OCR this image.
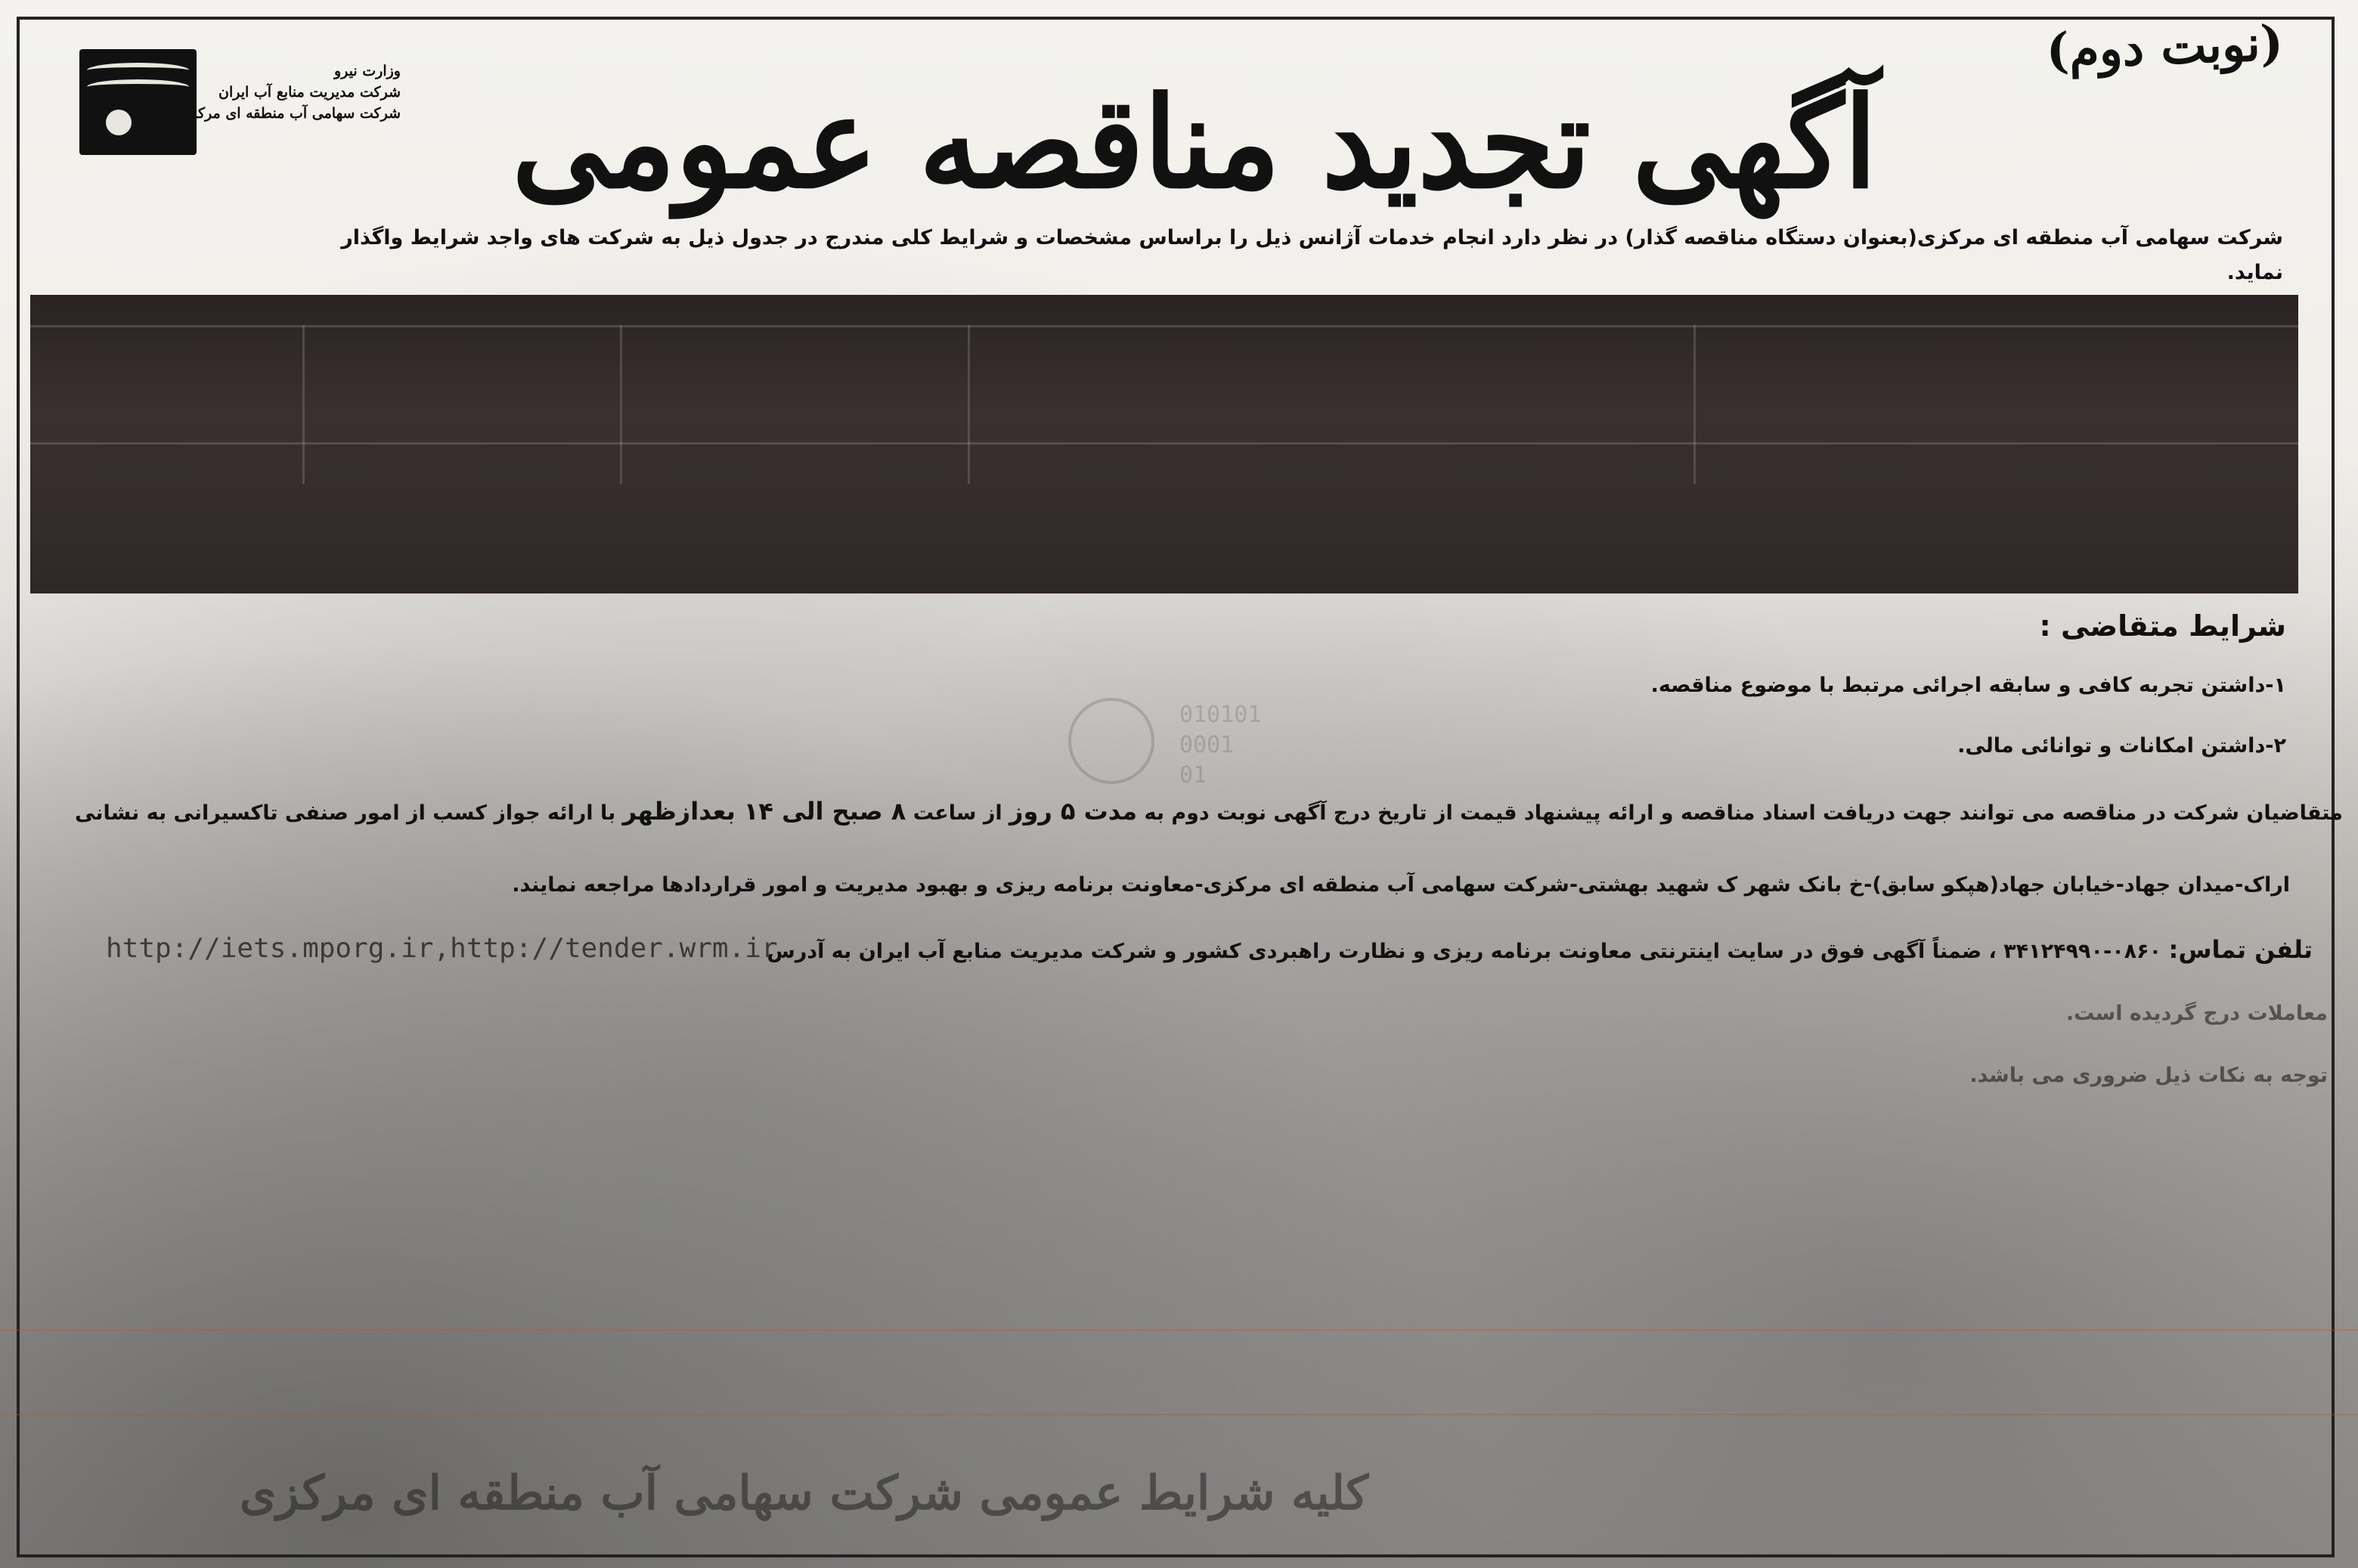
وزارت نیرو
شرکت مدیریت منابع آب ایران
شرکت سهامی آب منطقه ای مرکزی
(نوبت دوم)
آگهی تجدید مناقصه عمومی
شرکت سهامی آب منطقه ای مرکزی(بعنوان دستگاه مناقصه گذار) در نظر دارد انجام خدمات آژانس ذیل را براساس مشخصات و شرایط کلی مندرج در جدول ذیل به شرکت های واجد شرایط واگذار نماید.
شرایط متقاضی :
۱-داشتن تجربه کافی و سابقه اجرائی مرتبط با موضوع مناقصه.
۲-داشتن امکانات و توانائی مالی.
010101
0001
01
متقاضیان شرکت در مناقصه می توانند جهت دریافت اسناد مناقصه و ارائه پیشنهاد قیمت از تاریخ درج آگهی نوبت دوم به مدت ۵ روز از ساعت ۸ صبح الی ۱۴ بعدازظهر با ارائه جواز کسب از امور صنفی تاکسیرانی به نشانی
اراک-میدان جهاد-خیابان جهاد(هپکو سابق)-خ بانک شهر ک شهید بهشتی-شرکت سهامی آب منطقه ای مرکزی-معاونت برنامه ریزی و بهبود مدیریت و امور قراردادها مراجعه نمایند.
تلفن تماس: ۰۸۶۰-۳۴۱۲۴۹۹۰ ، ضمناً آگهی فوق در سایت اینترنتی معاونت برنامه ریزی و نظارت راهبردی کشور و شرکت مدیریت منابع آب ایران به آدرس
http://iets.mporg.ir,http://tender.wrm.ir
معاملات درج گردیده است.
توجه به نکات ذیل ضروری می باشد.
کلیه شرایط عمومی شرکت سهامی آب منطقه ای مرکزی
